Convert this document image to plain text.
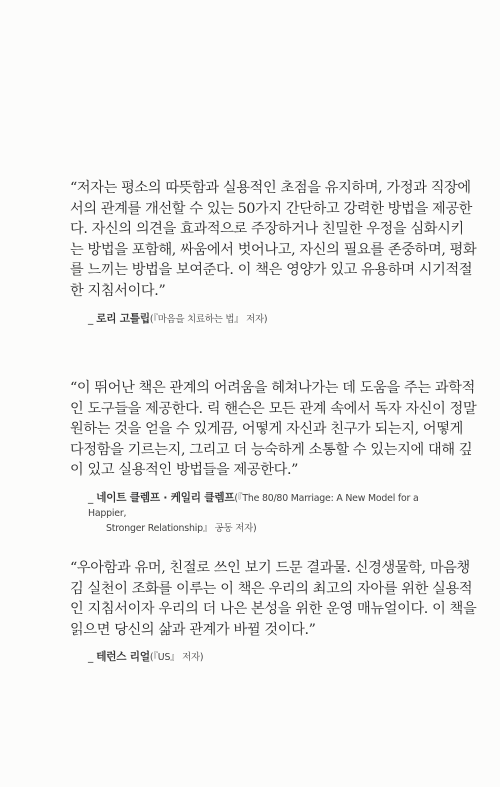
“저자는 평소의 따뜻함과 실용적인 초점을 유지하며, 가정과 직장에
서의 관계를 개선할 수 있는 50가지 간단하고 강력한 방법을 제공한
다. 자신의 의견을 효과적으로 주장하거나 친밀한 우정을 심화시키
는 방법을 포함해, 싸움에서 벗어나고, 자신의 필요를 존중하며, 평화
를 느끼는 방법을 보여준다. 이 책은 영양가 있고 유용하며 시기적절
한 지침서이다.”

_ 로리 고틀립(『마음을 치료하는 법』 저자)

“이 뛰어난 책은 관계의 어려움을 헤쳐나가는 데 도움을 주는 과학적
인 도구들을 제공한다. 릭 핸슨은 모든 관계 속에서 독자 자신이 정말
원하는 것을 얻을 수 있게끔, 어떻게 자신과 친구가 되는지, 어떻게
다정함을 기르는지, 그리고 더 능숙하게 소통할 수 있는지에 대해 깊
이 있고 실용적인 방법들을 제공한다.”

_ 네이트 클렘프 · 케일리 클렘프(『The 80/80 Marriage: A New Model for a Happier,
Stronger Relationship』 공동 저자)

“우아함과 유머, 친절로 쓰인 보기 드문 결과물. 신경생물학, 마음챙
김 실천이 조화를 이루는 이 책은 우리의 최고의 자아를 위한 실용적
인 지침서이자 우리의 더 나은 본성을 위한 운영 매뉴얼이다. 이 책을
읽으면 당신의 삶과 관계가 바뀔 것이다.”

_ 테런스 리얼(『US』 저자)
